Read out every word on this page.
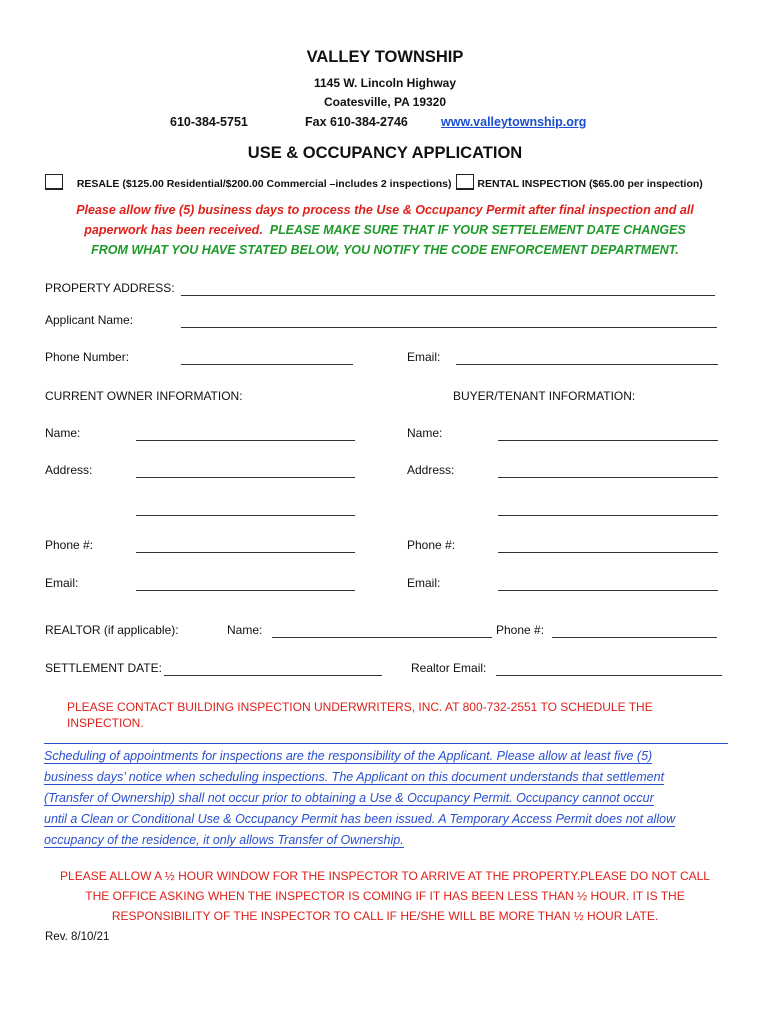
VALLEY TOWNSHIP
1145 W. Lincoln Highway
Coatesville, PA 19320
610-384-5751	Fax 610-384-2746	www.valleytownship.org
USE & OCCUPANCY APPLICATION
RESALE ($125.00 Residential/$200.00 Commercial –includes 2 inspections) RENTAL INSPECTION ($65.00 per inspection)
Please allow five (5) business days to process the Use & Occupancy Permit after final inspection and all
paperwork has been received. PLEASE MAKE SURE THAT IF YOUR SETTELEMENT DATE CHANGES
FROM WHAT YOU HAVE STATED BELOW, YOU NOTIFY THE CODE ENFORCEMENT DEPARTMENT.
PROPERTY ADDRESS:
Applicant Name:
Phone Number:	Email:
CURRENT OWNER INFORMATION:	BUYER/TENANT INFORMATION:
Name:	Name:
Address:	Address:
Phone #:	Phone #:
Email:	Email:
REALTOR (if applicable):	Name:	Phone #:
SETTLEMENT DATE:	Realtor Email:
PLEASE CONTACT BUILDING INSPECTION UNDERWRITERS, INC. AT 800-732-2551 TO SCHEDULE THE
INSPECTION.
Scheduling of appointments for inspections are the responsibility of the Applicant. Please allow at least five (5)
business days’ notice when scheduling inspections. The Applicant on this document understands that settlement
(Transfer of Ownership) shall not occur prior to obtaining a Use & Occupancy Permit. Occupancy cannot occur
until a Clean or Conditional Use & Occupancy Permit has been issued. A Temporary Access Permit does not allow
occupancy of the residence, it only allows Transfer of Ownership.
PLEASE ALLOW A ½ HOUR WINDOW FOR THE INSPECTOR TO ARRIVE AT THE PROPERTY.PLEASE DO NOT CALL
THE OFFICE ASKING WHEN THE INSPECTOR IS COMING IF IT HAS BEEN LESS THAN ½ HOUR. IT IS THE
RESPONSIBILITY OF THE INSPECTOR TO CALL IF HE/SHE WILL BE MORE THAN ½ HOUR LATE.
Rev. 8/10/21
